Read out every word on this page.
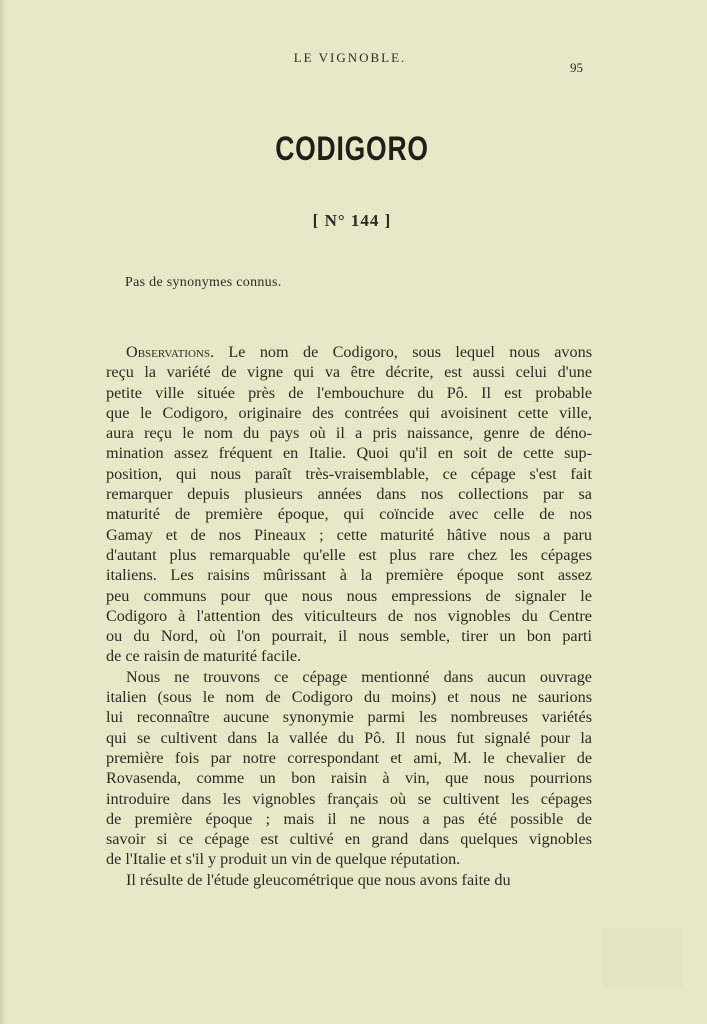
LE VIGNOBLE.
95
CODIGORO
[ N° 144 ]
Pas de synonymes connus.
Observations. Le nom de Codigoro, sous lequel nous avons
reçu la variété de vigne qui va être décrite, est aussi celui d'une
petite ville située près de l'embouchure du Pô. Il est probable
que le Codigoro, originaire des contrées qui avoisinent cette ville,
aura reçu le nom du pays où il a pris naissance, genre de déno-
mination assez fréquent en Italie. Quoi qu'il en soit de cette sup-
position, qui nous paraît très-vraisemblable, ce cépage s'est fait
remarquer depuis plusieurs années dans nos collections par sa
maturité de première époque, qui coïncide avec celle de nos
Gamay et de nos Pineaux ; cette maturité hâtive nous a paru
d'autant plus remarquable qu'elle est plus rare chez les cépages
italiens. Les raisins mûrissant à la première époque sont assez
peu communs pour que nous nous empressions de signaler le
Codigoro à l'attention des viticulteurs de nos vignobles du Centre
ou du Nord, où l'on pourrait, il nous semble, tirer un bon parti
de ce raisin de maturité facile.
Nous ne trouvons ce cépage mentionné dans aucun ouvrage
italien (sous le nom de Codigoro du moins) et nous ne saurions
lui reconnaître aucune synonymie parmi les nombreuses variétés
qui se cultivent dans la vallée du Pô. Il nous fut signalé pour la
première fois par notre correspondant et ami, M. le chevalier de
Rovasenda, comme un bon raisin à vin, que nous pourrions
introduire dans les vignobles français où se cultivent les cépages
de première époque ; mais il ne nous a pas été possible de
savoir si ce cépage est cultivé en grand dans quelques vignobles
de l'Italie et s'il y produit un vin de quelque réputation.
Il résulte de l'étude gleucométrique que nous avons faite du
